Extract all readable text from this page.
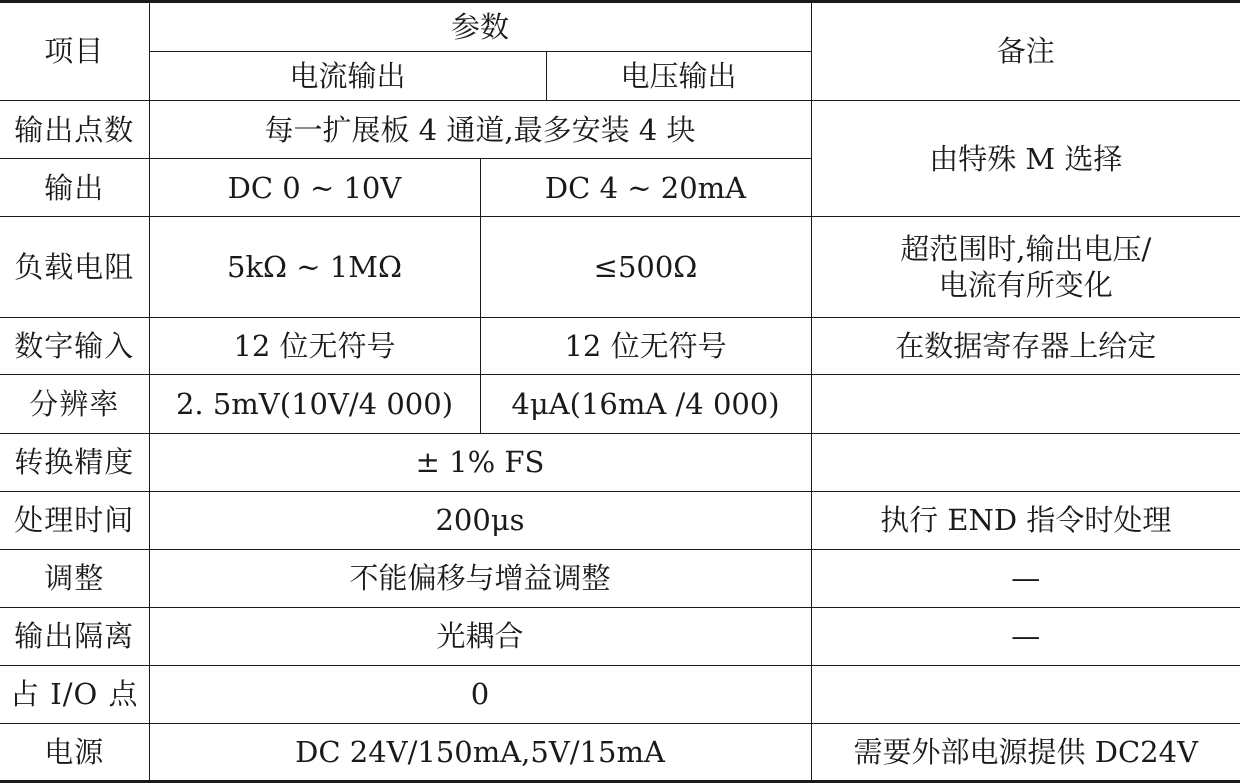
项目	参数			备注
	电流输出		电压输出	
输出点数	每一扩展板 4 通道,最多安装 4 块			由特殊 M 选择
输出	DC 0 ~ 10V	DC 4 ~ 20mA		
负载电阻	5kΩ ~ 1MΩ	≤500Ω		超范围时,输出电压/
电流有所变化

数字输入	12 位无符号	12 位无符号		在数据寄存器上给定
分辨率	2. 5mV(10V/4 000)	4μA(16mA /4 000)		
转换精度	± 1% FS			
处理时间	200μs			执行 END 指令时处理
调整	不能偏移与增益调整			—
输出隔离	光耦合			—
占 I/O 点	0			
电源	DC 24V/150mA,5V/15mA			需要外部电源提供 DC24V
